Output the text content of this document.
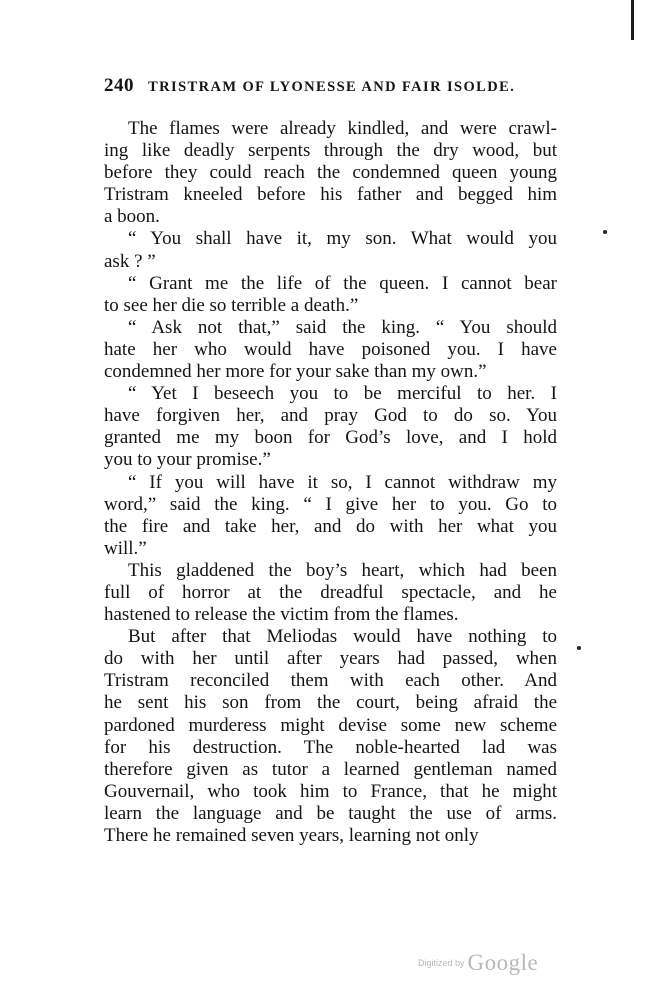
240 TRISTRAM OF LYONESSE AND FAIR ISOLDE.
The flames were already kindled, and were crawl-
ing like deadly serpents through the dry wood, but
before they could reach the condemned queen young
Tristram kneeled before his father and begged him
a boon.
“ You shall have it, my son. What would you
ask ? ”
“ Grant me the life of the queen. I cannot bear
to see her die so terrible a death.”
“ Ask not that,” said the king. “ You should
hate her who would have poisoned you. I have
condemned her more for your sake than my own.”
“ Yet I beseech you to be merciful to her. I
have forgiven her, and pray God to do so. You
granted me my boon for God’s love, and I hold
you to your promise.”
“ If you will have it so, I cannot withdraw my
word,” said the king. “ I give her to you. Go to
the fire and take her, and do with her what you
will.”
This gladdened the boy’s heart, which had been
full of horror at the dreadful spectacle, and he
hastened to release the victim from the flames.
But after that Meliodas would have nothing to
do with her until after years had passed, when
Tristram reconciled them with each other. And
he sent his son from the court, being afraid the
pardoned murderess might devise some new scheme
for his destruction. The noble-hearted lad was
therefore given as tutor a learned gentleman named
Gouvernail, who took him to France, that he might
learn the language and be taught the use of arms.
There he remained seven years, learning not only
$^{Digitized by}$ Google
